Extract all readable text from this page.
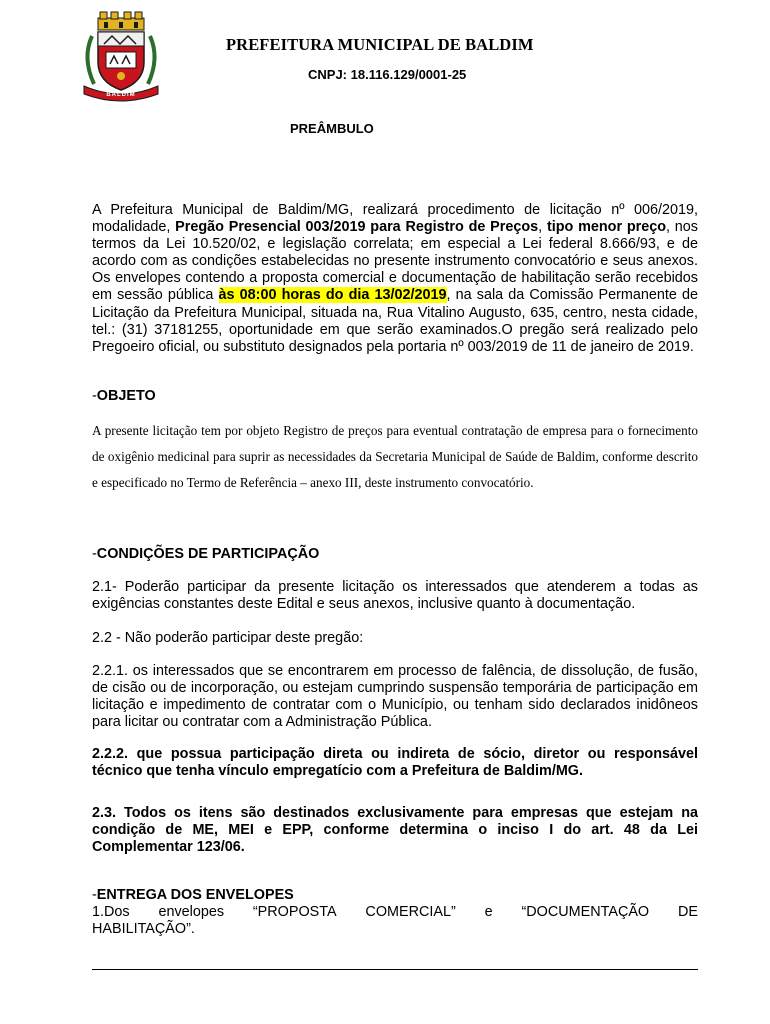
BALDIM
PREFEITURA MUNICIPAL DE BALDIM
CNPJ: 18.116.129/0001-25
PREÂMBULO

A Prefeitura Municipal de Baldim/MG, realizará procedimento de licitação nº 006/2019, modalidade, Pregão Presencial 003/2019 para Registro de Preços, tipo menor preço, nos termos da Lei 10.520/02, e legislação correlata; em especial a Lei federal 8.666/93, e de acordo com as condições estabelecidas no presente instrumento convocatório e seus anexos. Os envelopes contendo a proposta comercial e documentação de habilitação serão recebidos em sessão pública às 08:00 horas do dia 13/02/2019, na sala da Comissão Permanente de Licitação da Prefeitura Municipal, situada na, Rua Vitalino Augusto, 635, centro, nesta cidade, tel.: (31) 37181255, oportunidade em que serão examinados.O pregão será realizado pelo Pregoeiro oficial, ou substituto designados pela portaria nº 003/2019 de 11 de janeiro de 2019.

-OBJETO
A presente licitação tem por objeto Registro de preços para eventual contratação de empresa para o fornecimento de oxigênio medicinal para suprir as necessidades da Secretaria Municipal de Saúde de Baldim, conforme descrito e especificado no Termo de Referência – anexo III, deste instrumento convocatório.
-CONDIÇÕES DE PARTICIPAÇÃO
2.1- Poderão participar da presente licitação os interessados que atenderem a todas as exigências constantes deste Edital e seus anexos, inclusive quanto à documentação.
2.2 - Não poderão participar deste pregão:
2.2.1. os interessados que se encontrarem em processo de falência, de dissolução, de fusão, de cisão ou de incorporação, ou estejam cumprindo suspensão temporária de participação em licitação e impedimento de contratar com o Município, ou tenham sido declarados inidôneos para licitar ou contratar com a Administração Pública.
2.2.2. que possua participação direta ou indireta de sócio, diretor ou responsável técnico que tenha vínculo empregatício com a Prefeitura de Baldim/MG.
2.3. Todos os itens são destinados exclusivamente para empresas que estejam na condição de ME, MEI e EPP, conforme determina o inciso I do art. 48 da Lei Complementar 123/06.
-ENTREGA DOS ENVELOPES
1.Dos envelopes “PROPOSTA COMERCIAL” e “DOCUMENTAÇÃO DE
HABILITAÇÃO”.
